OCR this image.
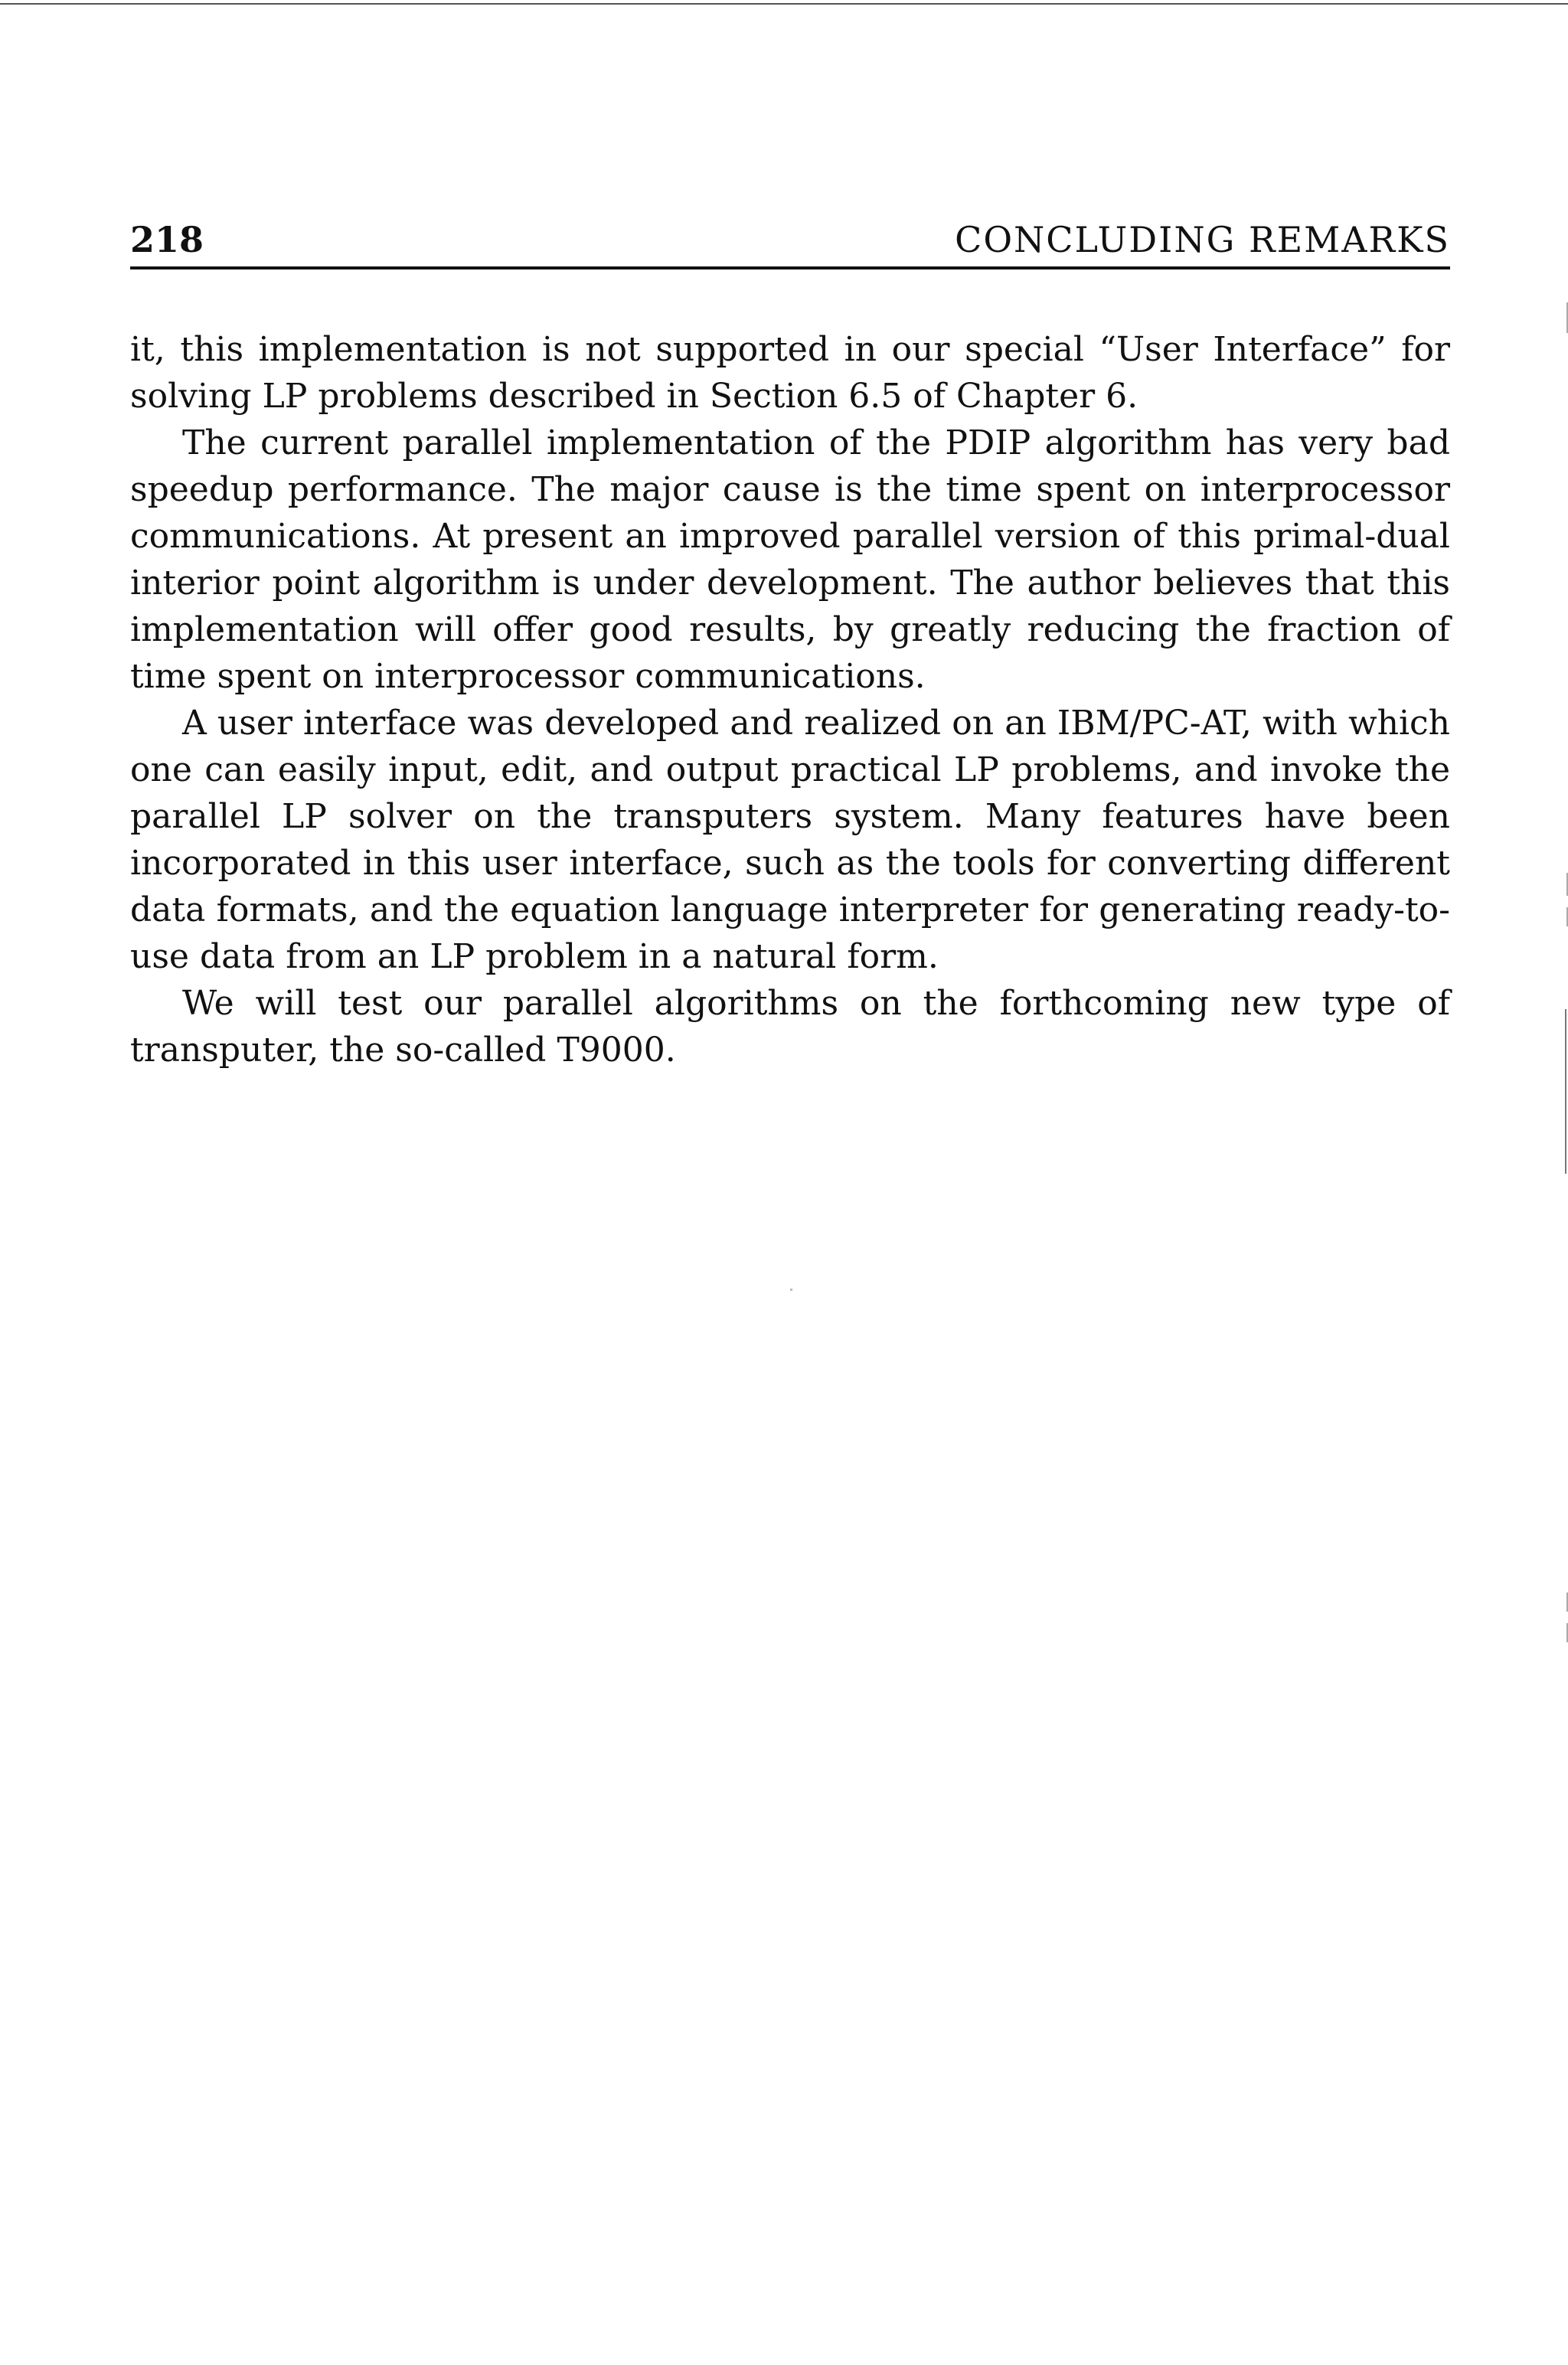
218	CONCLUDING REMARKS

it, this implementation is not supported in our special “User Interface” for solving LP problems described in Section 6.5 of Chapter 6.

The current parallel implementation of the PDIP algorithm has very bad speedup performance. The major cause is the time spent on interprocessor communications. At present an improved parallel version of this primal-dual interior point algorithm is under development. The author believes that this implementation will offer good results, by greatly reducing the fraction of time spent on interprocessor communications.

A user interface was developed and realized on an IBM/PC-AT, with which one can easily input, edit, and output practical LP problems, and invoke the parallel LP solver on the transputers system. Many features have been incorporated in this user interface, such as the tools for converting different data formats, and the equation language interpreter for generating ready-to-use data from an LP problem in a natural form.

We will test our parallel algorithms on the forthcoming new type of transputer, the so-called T9000.
